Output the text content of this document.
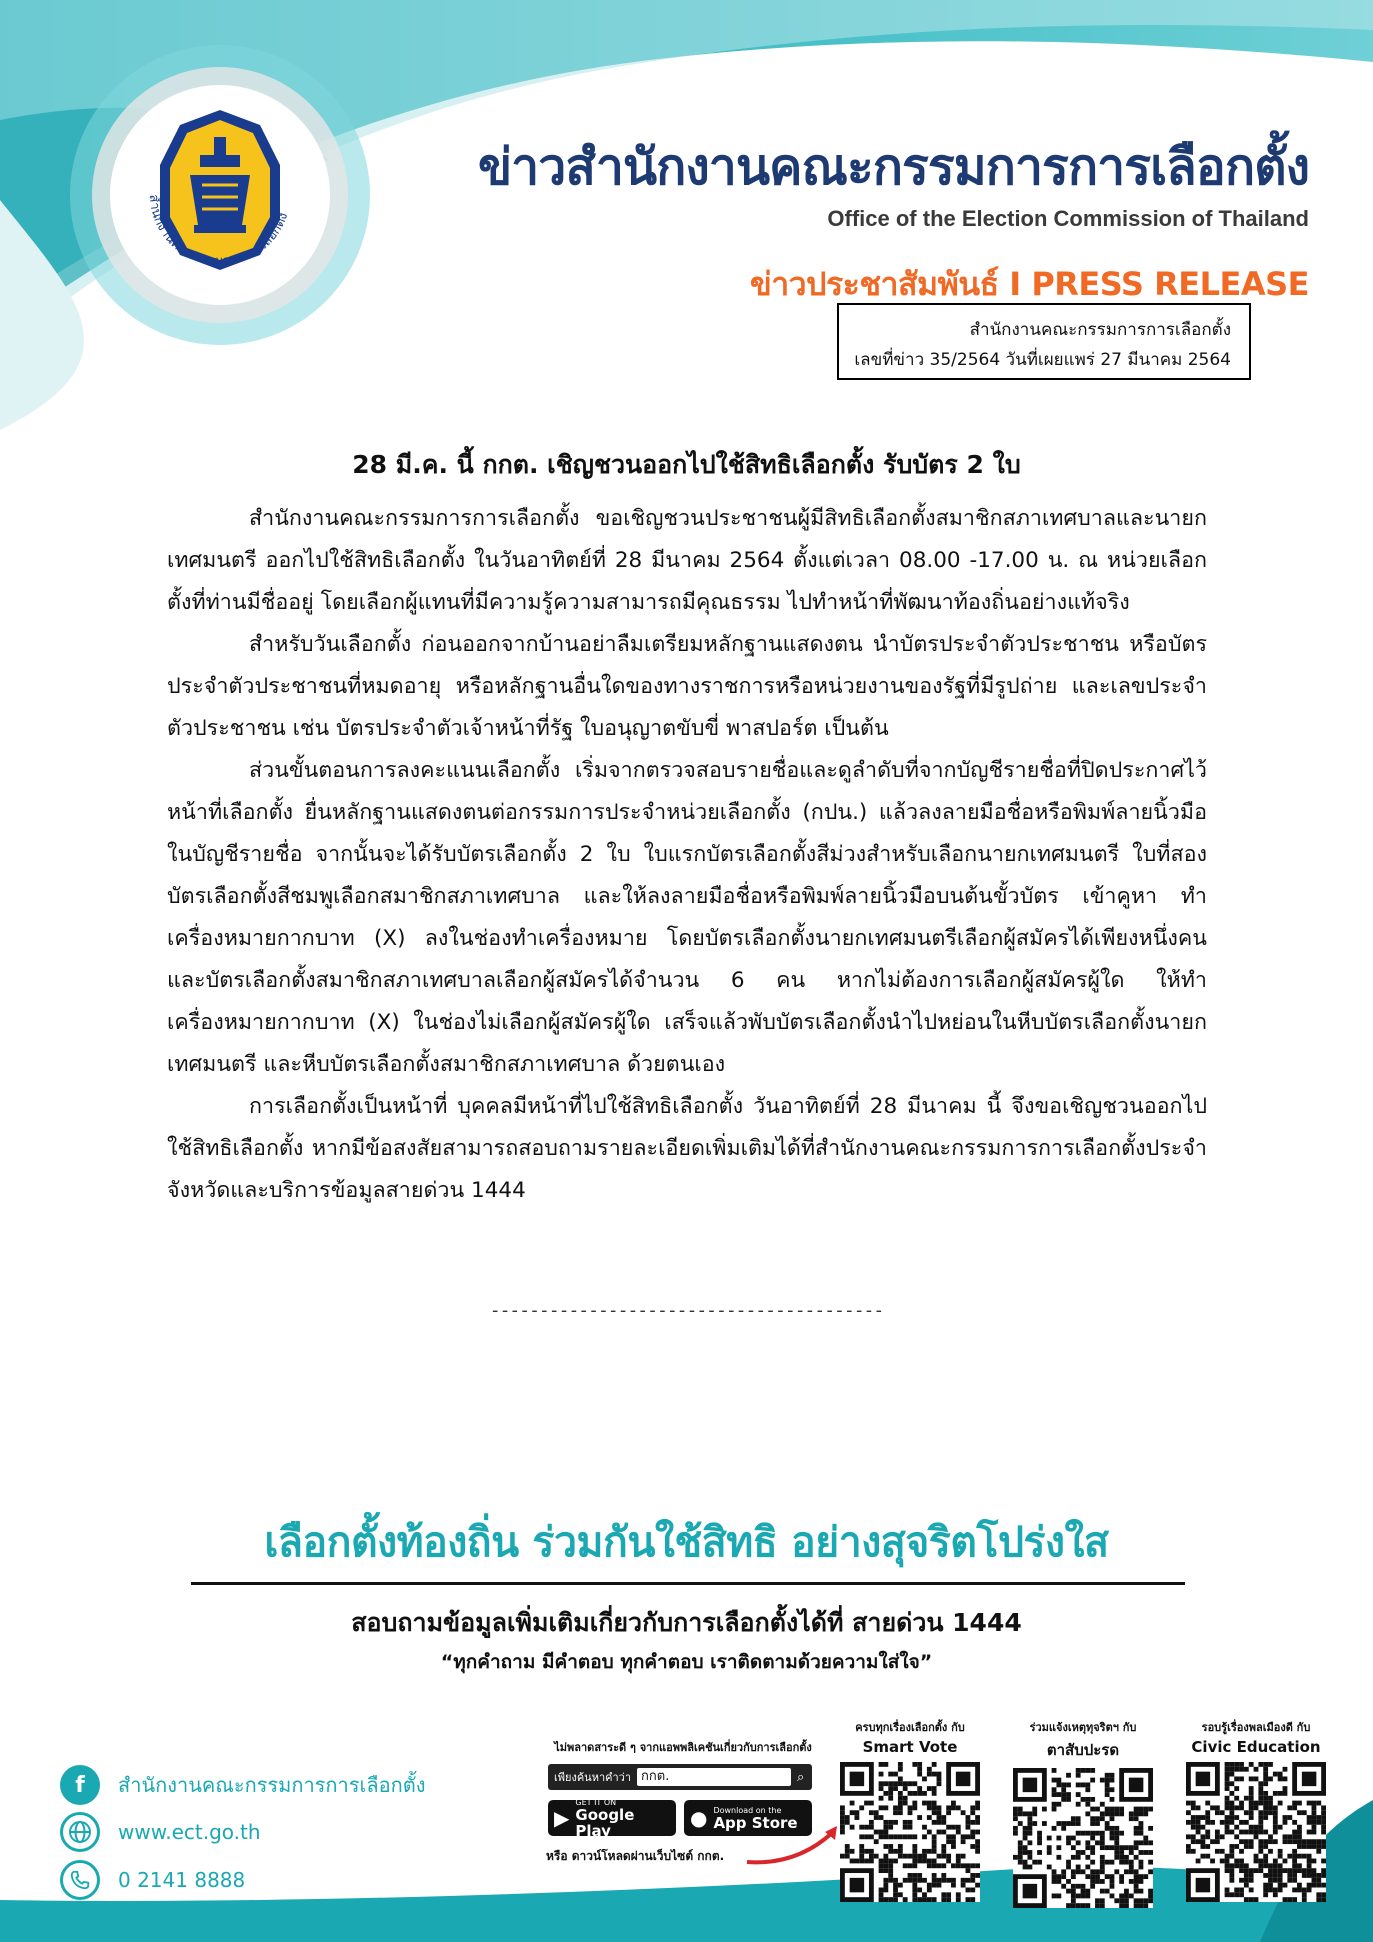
สำนักงานคณะกรรมการการเลือกตั้ง
ข่าวสำนักงานคณะกรรมการการเลือกตั้ง
Office of the Election Commission of Thailand
ข่าวประชาสัมพันธ์ I PRESS RELEASE
สำนักงานคณะกรรมการการเลือกตั้ง
เลขที่ข่าว 35/2564 วันที่เผยแพร่ 27 มีนาคม 2564
28 มี.ค. นี้ กกต. เชิญชวนออกไปใช้สิทธิเลือกตั้ง รับบัตร 2 ใบ

สำนักงานคณะกรรมการการเลือกตั้ง ขอเชิญชวนประชาชนผู้มีสิทธิเลือกตั้งสมาชิกสภาเทศบาลและนายกเทศมนตรี ออกไปใช้สิทธิเลือกตั้ง ในวันอาทิตย์ที่ 28 มีนาคม 2564 ตั้งแต่เวลา 08.00 -17.00 น. ณ หน่วยเลือกตั้งที่ท่านมีชื่ออยู่ โดยเลือกผู้แทนที่มีความรู้ความสามารถมีคุณธรรม ไปทำหน้าที่พัฒนาท้องถิ่นอย่างแท้จริง

สำหรับวันเลือกตั้ง ก่อนออกจากบ้านอย่าลืมเตรียมหลักฐานแสดงตน นำบัตรประจำตัวประชาชน หรือบัตรประจำตัวประชาชนที่หมดอายุ หรือหลักฐานอื่นใดของทางราชการหรือหน่วยงานของรัฐที่มีรูปถ่าย และเลขประจำตัวประชาชน เช่น บัตรประจำตัวเจ้าหน้าที่รัฐ ใบอนุญาตขับขี่ พาสปอร์ต เป็นต้น

ส่วนขั้นตอนการลงคะแนนเลือกตั้ง เริ่มจากตรวจสอบรายชื่อและดูลำดับที่จากบัญชีรายชื่อที่ปิดประกาศไว้หน้าที่เลือกตั้ง ยื่นหลักฐานแสดงตนต่อกรรมการประจำหน่วยเลือกตั้ง (กปน.) แล้วลงลายมือชื่อหรือพิมพ์ลายนิ้วมือในบัญชีรายชื่อ จากนั้นจะได้รับบัตรเลือกตั้ง 2 ใบ ใบแรกบัตรเลือกตั้งสีม่วงสำหรับเลือกนายกเทศมนตรี ใบที่สองบัตรเลือกตั้งสีชมพูเลือกสมาชิกสภาเทศบาล และให้ลงลายมือชื่อหรือพิมพ์ลายนิ้วมือบนต้นขั้วบัตร เข้าคูหา ทำเครื่องหมายกากบาท (X) ลงในช่องทำเครื่องหมาย โดยบัตรเลือกตั้งนายกเทศมนตรีเลือกผู้สมัครได้เพียงหนึ่งคน และบัตรเลือกตั้งสมาชิกสภาเทศบาลเลือกผู้สมัครได้จำนวน 6 คน หากไม่ต้องการเลือกผู้สมัครผู้ใด ให้ทำเครื่องหมายกากบาท (X) ในช่องไม่เลือกผู้สมัครผู้ใด เสร็จแล้วพับบัตรเลือกตั้งนำไปหย่อนในหีบบัตรเลือกตั้งนายกเทศมนตรี และหีบบัตรเลือกตั้งสมาชิกสภาเทศบาล ด้วยตนเอง

การเลือกตั้งเป็นหน้าที่ บุคคลมีหน้าที่ไปใช้สิทธิเลือกตั้ง วันอาทิตย์ที่ 28 มีนาคม นี้ จึงขอเชิญชวนออกไปใช้สิทธิเลือกตั้ง หากมีข้อสงสัยสามารถสอบถามรายละเอียดเพิ่มเติมได้ที่สำนักงานคณะกรรมการการเลือกตั้งประจำจังหวัดและบริการข้อมูลสายด่วน 1444

----------------------------------------
เลือกตั้งท้องถิ่น ร่วมกันใช้สิทธิ อย่างสุจริตโปร่งใส
สอบถามข้อมูลเพิ่มเติมเกี่ยวกับการเลือกตั้งได้ที่ สายด่วน 1444
“ทุกคำถาม มีคำตอบ ทุกคำตอบ เราติดตามด้วยความใส่ใจ”
f	สำนักงานคณะกรรมการการเลือกตั้ง
www.ect.go.th
0 2141 8888
ไม่พลาดสาระดี ๆ จากแอพพลิเคชันเกี่ยวกับการเลือกตั้ง
เพียงค้นหาคำว่า กกต.	⌕
▶
GET IT ON
Google Play
● Download on the
App Store
หรือ ดาวน์โหลดผ่านเว็บไซต์ กกต.
ครบทุกเรื่องเลือกตั้ง กับ
Smart Vote
ร่วมแจ้งเหตุทุจริตฯ กับ
ตาสับปะรด
รอบรู้เรื่องพลเมืองดี กับ
Civic Education
